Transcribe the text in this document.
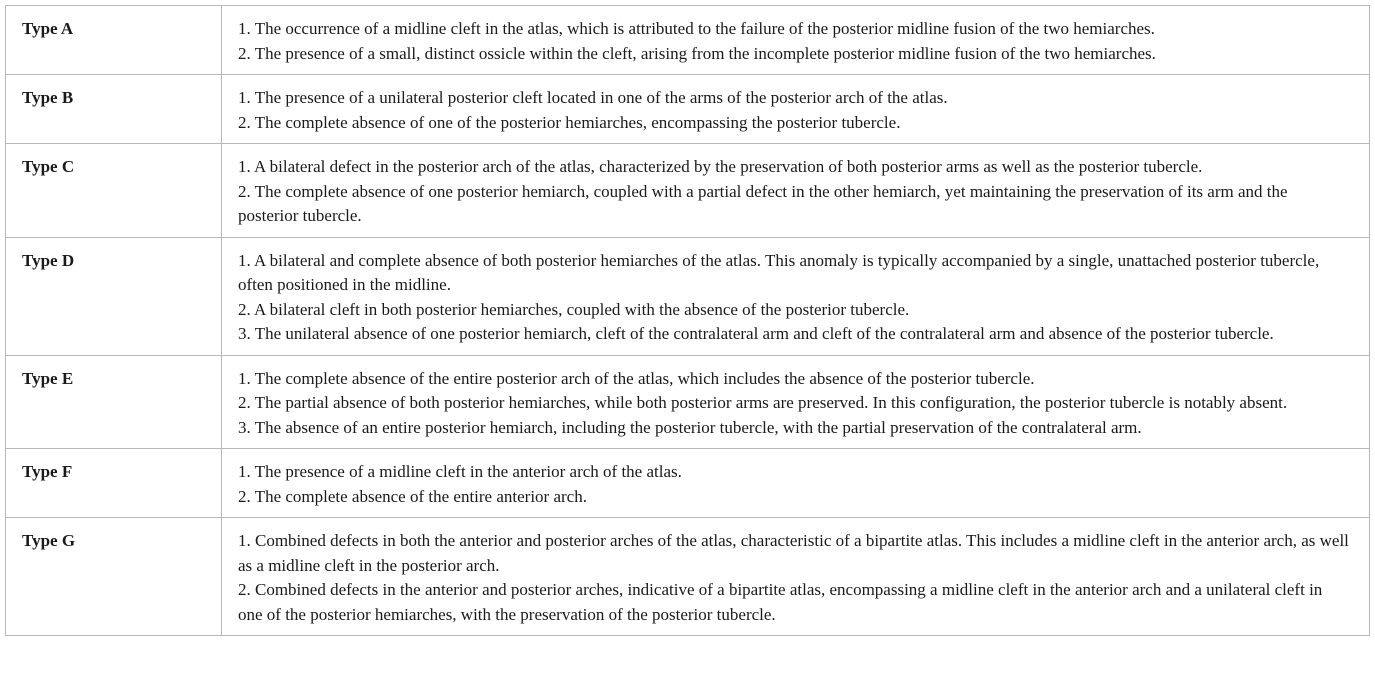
Type A	1. The occurrence of a midline cleft in the atlas, which is attributed to the failure of the posterior midline fusion of the two hemiarches.
2. The presence of a small, distinct ossicle within the cleft, arising from the incomplete posterior midline fusion of the two hemiarches.

Type B	1. The presence of a unilateral posterior cleft located in one of the arms of the posterior arch of the atlas.
2. The complete absence of one of the posterior hemiarches, encompassing the posterior tubercle.

Type C	1. A bilateral defect in the posterior arch of the atlas, characterized by the preservation of both posterior arms as well as the posterior tubercle.
2. The complete absence of one posterior hemiarch, coupled with a partial defect in the other hemiarch, yet maintaining the preservation of its arm and the posterior tubercle.

Type D	1. A bilateral and complete absence of both posterior hemiarches of the atlas. This anomaly is typically accompanied by a single, unattached posterior tubercle, often positioned in the midline.
2. A bilateral cleft in both posterior hemiarches, coupled with the absence of the posterior tubercle.
3. The unilateral absence of one posterior hemiarch, cleft of the contralateral arm and cleft of the contralateral arm and absence of the posterior tubercle.

Type E	1. The complete absence of the entire posterior arch of the atlas, which includes the absence of the posterior tubercle.
2. The partial absence of both posterior hemiarches, while both posterior arms are preserved. In this configuration, the posterior tubercle is notably absent.
3. The absence of an entire posterior hemiarch, including the posterior tubercle, with the partial preservation of the contralateral arm.

Type F	1. The presence of a midline cleft in the anterior arch of the atlas.
2. The complete absence of the entire anterior arch.

Type G	1. Combined defects in both the anterior and posterior arches of the atlas, characteristic of a bipartite atlas. This includes a midline cleft in the anterior arch, as well as a midline cleft in the posterior arch.
2. Combined defects in the anterior and posterior arches, indicative of a bipartite atlas, encompassing a midline cleft in the anterior arch and a unilateral cleft in one of the posterior hemiarches, with the preservation of the posterior tubercle.
